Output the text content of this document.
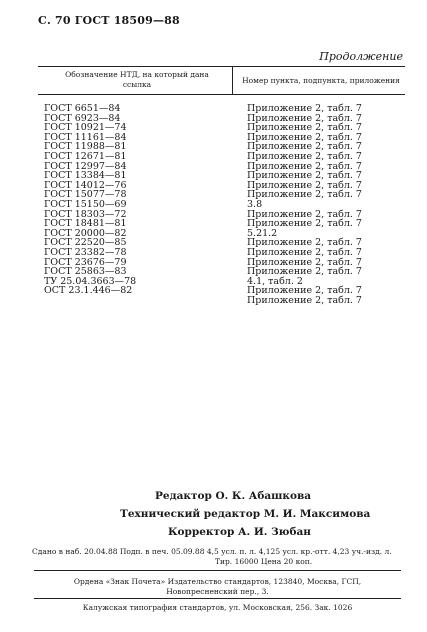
С. 70 ГОСТ 18509—88
Продолжение
Обозначение НТД, на который дана
ссылка	Номер пункта, подпункта, приложения
ГОСТ 6651—84
ГОСТ 6923—84
ГОСТ 10921—74
ГОСТ 11161—84
ГОСТ 11988—81
ГОСТ 12671—81
ГОСТ 12997—84
ГОСТ 13384—81
ГОСТ 14012—76
ГОСТ 15077—78
ГОСТ 15150—69
ГОСТ 18303—72
ГОСТ 18481—81
ГОСТ 20000—82
ГОСТ 22520—85
ГОСТ 23382—78
ГОСТ 23676—79
ГОСТ 25863—83
ТУ 25.04.3663—78
ОСТ 23.1.446—82
Приложение 2, табл. 7
Приложение 2, табл. 7
Приложение 2, табл. 7
Приложение 2, табл. 7
Приложение 2, табл. 7
Приложение 2, табл. 7
Приложение 2, табл. 7
Приложение 2, табл. 7
Приложение 2, табл. 7
Приложение 2, табл. 7
3.8
Приложение 2, табл. 7
Приложение 2, табл. 7
5.21.2
Приложение 2, табл. 7
Приложение 2, табл. 7
Приложение 2, табл. 7
Приложение 2, табл. 7
4.1, табл. 2
Приложение 2, табл. 7
Приложение 2, табл. 7
Редактор О. К. Абашкова
Технический редактор М. И. Максимова
Корректор А. И. Зюбан
Сдано в наб. 20.04.88 Подп. в печ. 05.09.88 4,5 усл. п. л. 4,125 усл. кр.-отт. 4,23 уч.-изд. л.
Тир. 16000 Цена 20 коп.
Ордена «Знак Почета» Издательство стандартов, 123840, Москва, ГСП,
Новопресненский пер., 3.
Калужская типография стандартов, ул. Московская, 256. Зак. 1026
